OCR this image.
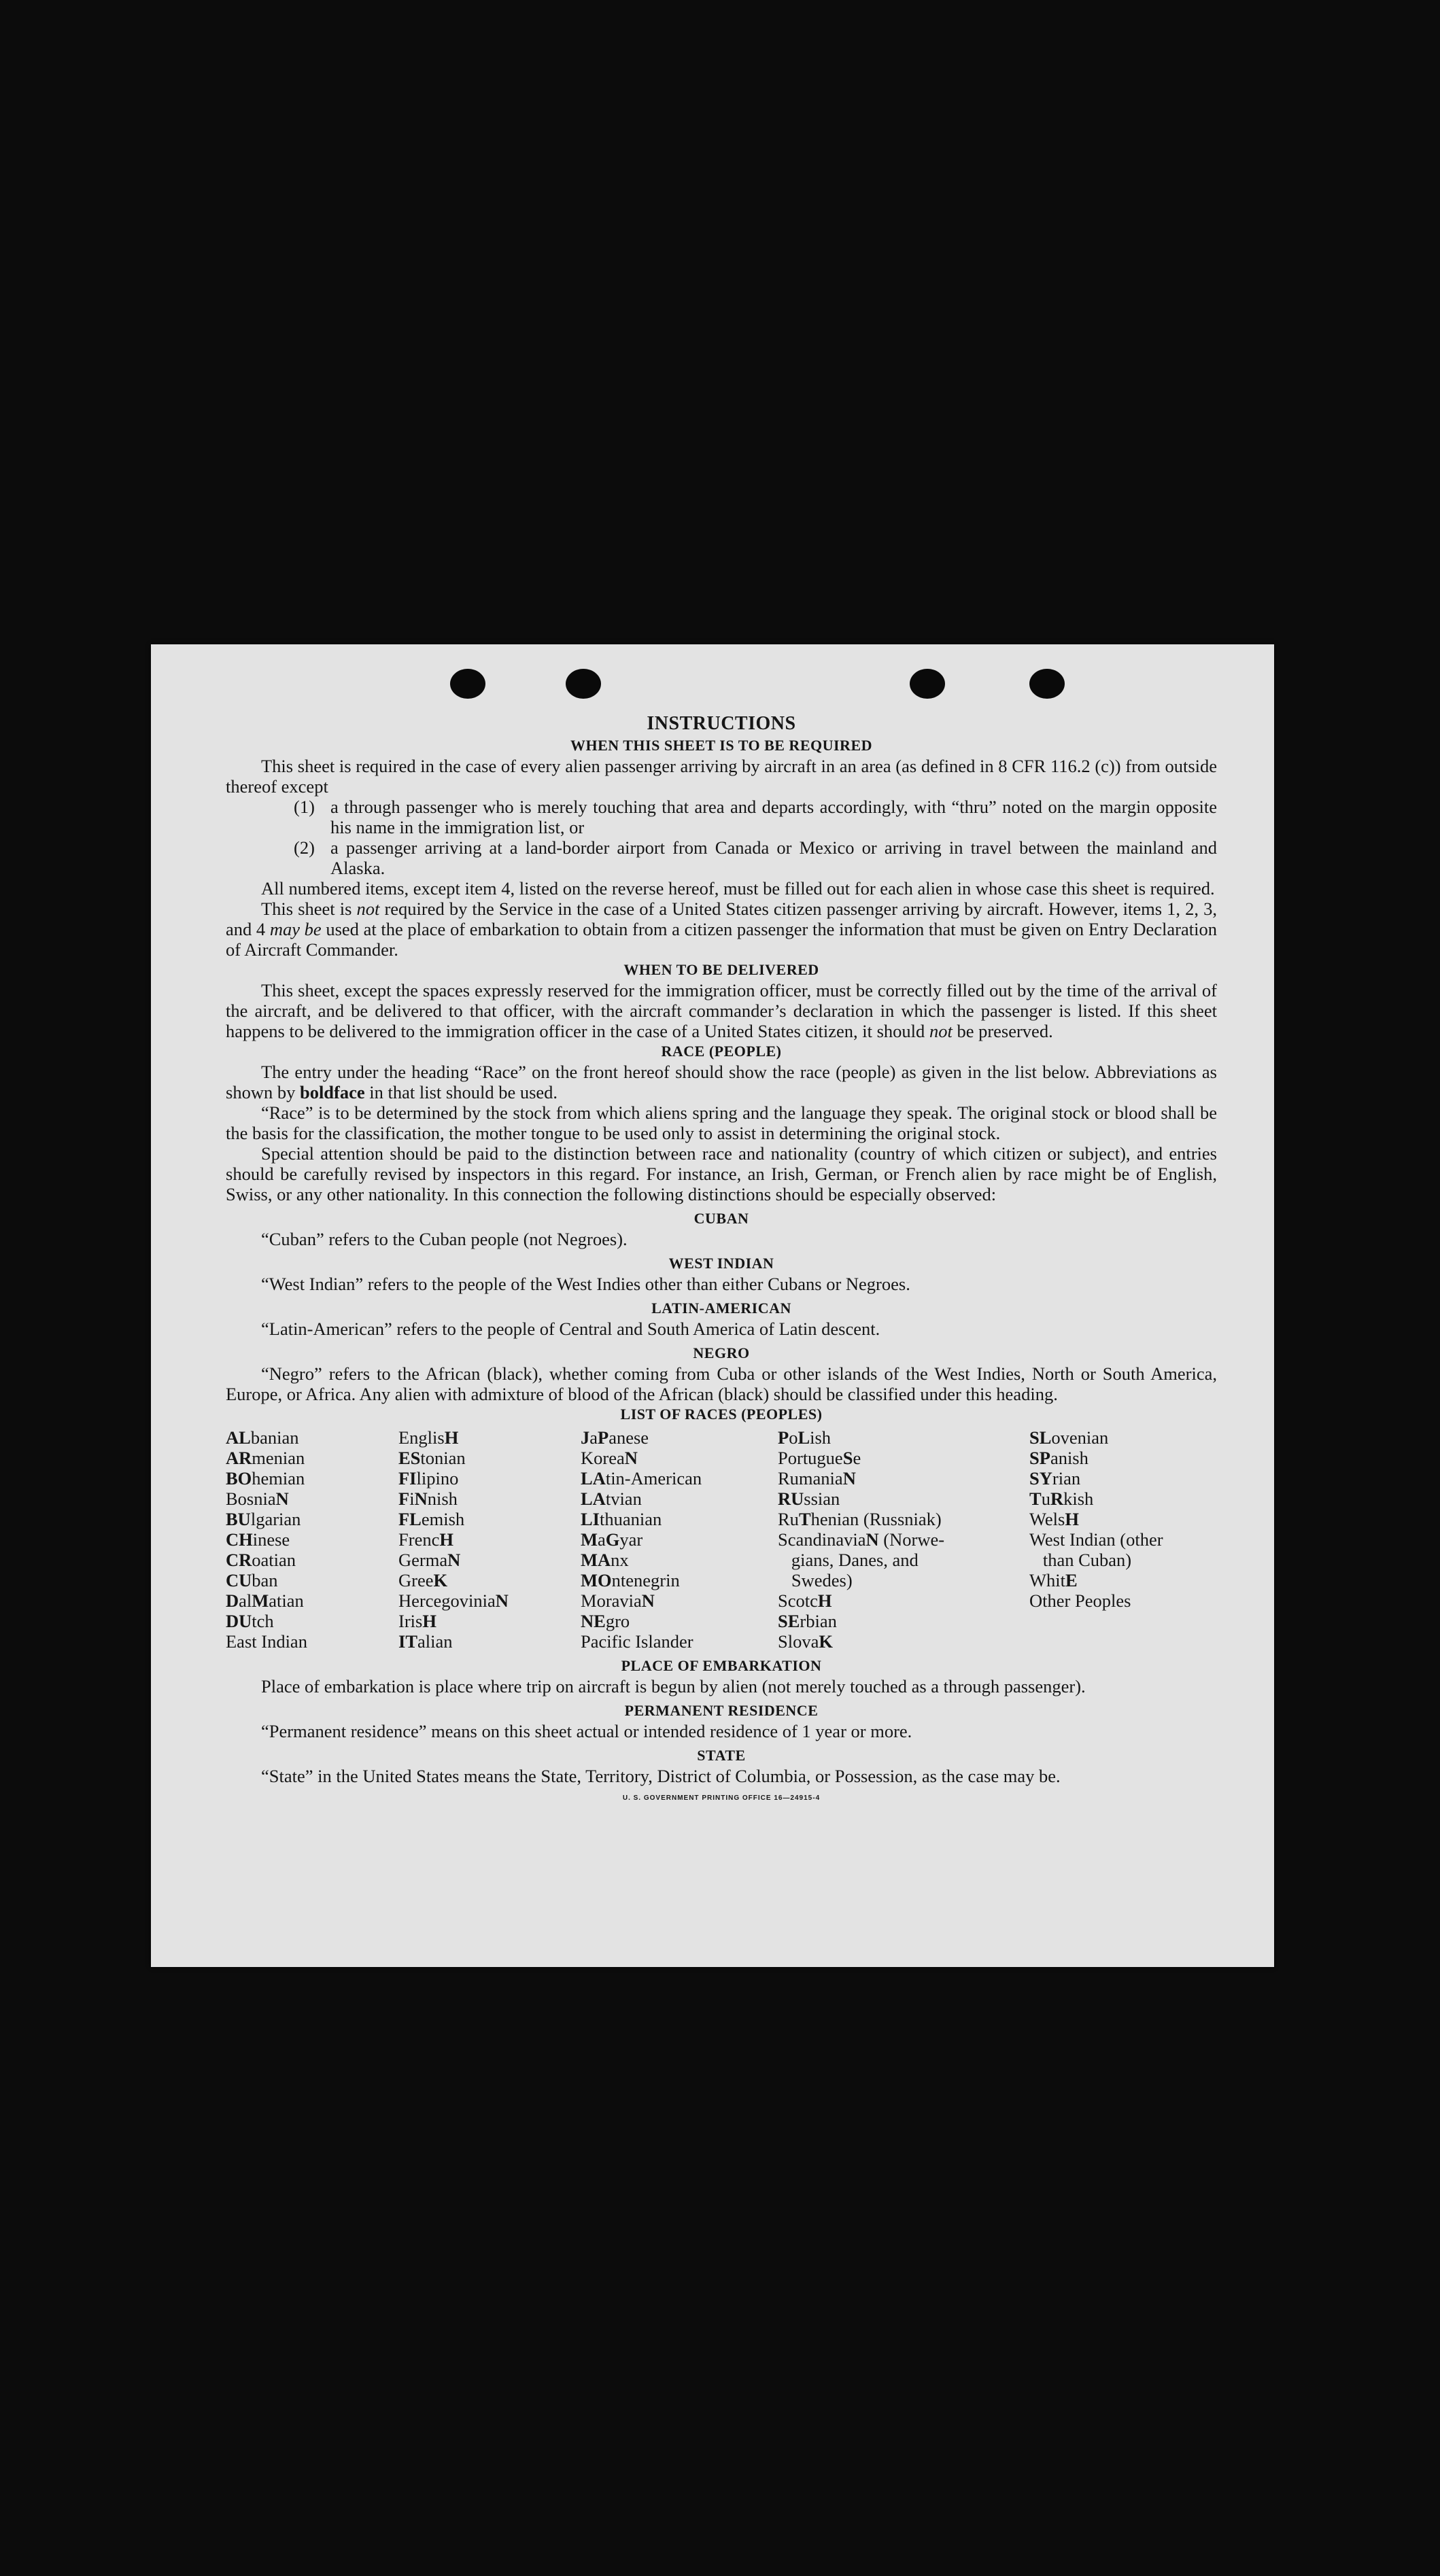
INSTRUCTIONS

WHEN THIS SHEET IS TO BE REQUIRED

This sheet is required in the case of every alien passenger arriving by aircraft in an area (as defined in 8 CFR 116.2 (c)) from outside thereof except

(1) a through passenger who is merely touching that area and departs accordingly, with “thru” noted on the margin opposite his name in the immigration list, or
(2) a passenger arriving at a land-border airport from Canada or Mexico or arriving in travel between the mainland and Alaska.

All numbered items, except item 4, listed on the reverse hereof, must be filled out for each alien in whose case this sheet is required.

This sheet is not required by the Service in the case of a United States citizen passenger arriving by aircraft. However, items 1, 2, 3, and 4 may be used at the place of embarkation to obtain from a citizen passenger the information that must be given on Entry Declaration of Aircraft Commander.

WHEN TO BE DELIVERED

This sheet, except the spaces expressly reserved for the immigration officer, must be correctly filled out by the time of the arrival of the aircraft, and be delivered to that officer, with the aircraft commander’s declaration in which the passenger is listed. If this sheet happens to be delivered to the immigration officer in the case of a United States citizen, it should not be preserved.

RACE (PEOPLE)

The entry under the heading “Race” on the front hereof should show the race (people) as given in the list below. Abbreviations as shown by boldface in that list should be used.

“Race” is to be determined by the stock from which aliens spring and the language they speak. The original stock or blood shall be the basis for the classification, the mother tongue to be used only to assist in determining the original stock.

Special attention should be paid to the distinction between race and nationality (country of which citizen or subject), and entries should be carefully revised by inspectors in this regard. For instance, an Irish, German, or French alien by race might be of English, Swiss, or any other nationality. In this connection the following distinctions should be especially observed:

CUBAN

“Cuban” refers to the Cuban people (not Negroes).

WEST INDIAN

“West Indian” refers to the people of the West Indies other than either Cubans or Negroes.

LATIN-AMERICAN

“Latin-American” refers to the people of Central and South America of Latin descent.

NEGRO

“Negro” refers to the African (black), whether coming from Cuba or other islands of the West Indies, North or South America, Europe, or Africa. Any alien with admixture of blood of the African (black) should be classified under this heading.

LIST OF RACES (PEOPLES)

ALbanian
ARmenian
BOhemian
BosniaN
BUlgarian
CHinese
CRoatian
CUban
DalMatian
DUtch
East Indian
EnglisH
EStonian
FIlipino
FiNnish
FLemish
FrencH
GermaN
GreeK
HercegoviniaN
IrisH
ITalian
JaPanese
KoreaN
LAtin-American
LAtvian
LIthuanian
MaGyar
MAnx
MOntenegrin
MoraviaN
NEgro
Pacific Islander
PoLish
PortugueSe
RumaniaN
RUssian
RuThenian (Russniak)
ScandinaviaN (Norwe-
gians, Danes, and
Swedes)
ScotcH
SErbian
SlovaK
SLovenian
SPanish
SYrian
TuRkish
WelsH
West Indian (other
than Cuban)
WhitE
Other Peoples

PLACE OF EMBARKATION

Place of embarkation is place where trip on aircraft is begun by alien (not merely touched as a through passenger).

PERMANENT RESIDENCE

“Permanent residence” means on this sheet actual or intended residence of 1 year or more.

STATE

“State” in the United States means the State, Territory, District of Columbia, or Possession, as the case may be.

U. S. GOVERNMENT PRINTING OFFICE 16—24915-4
